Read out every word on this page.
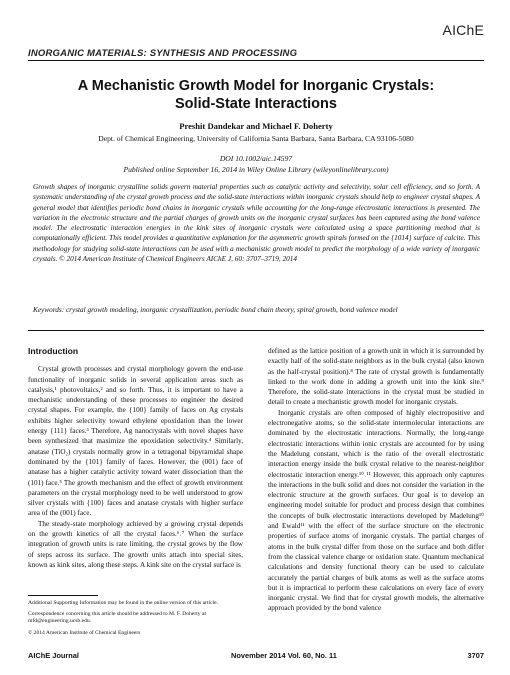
AIChE
INORGANIC MATERIALS: SYNTHESIS AND PROCESSING
A Mechanistic Growth Model for Inorganic Crystals:
Solid-State Interactions
Preshit Dandekar and Michael F. Doherty
Dept. of Chemical Engineering, University of California Santa Barbara, Santa Barbara, CA 93106-5080
DOI 10.1002/aic.14597
Published online September 16, 2014 in Wiley Online Library (wileyonlinelibrary.com)

Growth shapes of inorganic crystalline solids govern material properties such as catalytic activity and selectivity, solar cell efficiency, and so forth. A systematic understanding of the crystal growth process and the solid-state interactions within inorganic crystals should help to engineer crystal shapes. A general model that identifies periodic bond chains in inorganic crystals while accounting for the long-range electrostatic interactions is presented. The variation in the electronic structure and the partial charges of growth units on the inorganic crystal surfaces has been captured using the bond valence model. The electrostatic interaction energies in the kink sites of inorganic crystals were calculated using a space partitioning method that is computationally efficient. This model provides a quantitative explanation for the asymmetric growth spirals formed on the {1014} surface of calcite. This methodology for studying solid-state interactions can be used with a mechanistic growth model to predict the morphology of a wide variety of inorganic crystals. © 2014 American Institute of Chemical Engineers AIChE J, 60: 3707–3719, 2014

Keywords: crystal growth modeling, inorganic crystallization, periodic bond chain theory, spiral growth, bond valence model
Introduction

Crystal growth processes and crystal morphology govern the end-use functionality of inorganic solids in several application areas such as catalysis,¹ photovoltaics,² and so forth. Thus, it is important to have a mechanistic understanding of these processes to engineer the desired crystal shapes. For example, the {100} family of faces on Ag crystals exhibits higher selectivity toward ethylene epoxidation than the lower energy {111} faces.³ Therefore, Ag nanocrystals with novel shapes have been synthesized that maximize the epoxidation selectivity.⁴ Similarly, anatase (TiO₂) crystals normally grow in a tetragonal bipyramidal shape dominated by the {101} family of faces. However, the (001) face of anatase has a higher catalytic activity toward water dissociation than the (101) face.⁵ The growth mechanism and the effect of growth environment parameters on the crystal morphology need to be well understood to grow silver crystals with {100} faces and anatase crystals with higher surface area of the (001) face.

The steady-state morphology achieved by a growing crystal depends on the growth kinetics of all the crystal faces.⁶˒⁷ When the surface integration of growth units is rate limiting, the crystal grows by the flow of steps across its surface. The growth units attach into special sites, known as kink sites, along these steps. A kink site on the crystal surface is

defined as the lattice position of a growth unit in which it is surrounded by exactly half of the solid-state neighbors as in the bulk crystal (also known as the half-crystal position).⁸ The rate of crystal growth is fundamentally linked to the work done in adding a growth unit into the kink site.⁹ Therefore, the solid-state interactions in the crystal must be studied in detail to create a mechanistic growth model for inorganic crystals.

Inorganic crystals are often composed of highly electropositive and electronegative atoms, so the solid-state intermolecular interactions are dominated by the electrostatic interactions. Normally, the long-range electrostatic interactions within ionic crystals are accounted for by using the Madelung constant, which is the ratio of the overall electrostatic interaction energy inside the bulk crystal relative to the nearest-neighbor electrostatic interaction energy.¹⁰˒¹¹ However, this approach only captures the interactions in the bulk solid and does not consider the variation in the electronic structure at the growth surfaces. Our goal is to develop an engineering model suitable for product and process design that combines the concepts of bulk electrostatic interactions developed by Madelung¹⁰ and Ewald¹¹ with the effect of the surface structure on the electronic properties of surface atoms of inorganic crystals. The partial charges of atoms in the bulk crystal differ from those on the surface and both differ from the classical valence charge or oxidation state. Quantum mechanical calculations and density functional theory can be used to calculate accurately the partial charges of bulk atoms as well as the surface atoms but it is impractical to perform these calculations on every face of every inorganic crystal. We find that for crystal growth models, the alternative approach provided by the bond valence

Additional Supporting Information may be found in the online version of this article.

Correspondence concerning this article should be addressed to M. F. Doherty at mfd@engineering.ucsb.edu.

© 2014 American Institute of Chemical Engineers

AIChE Journal	November 2014 Vol. 60, No. 11	3707
